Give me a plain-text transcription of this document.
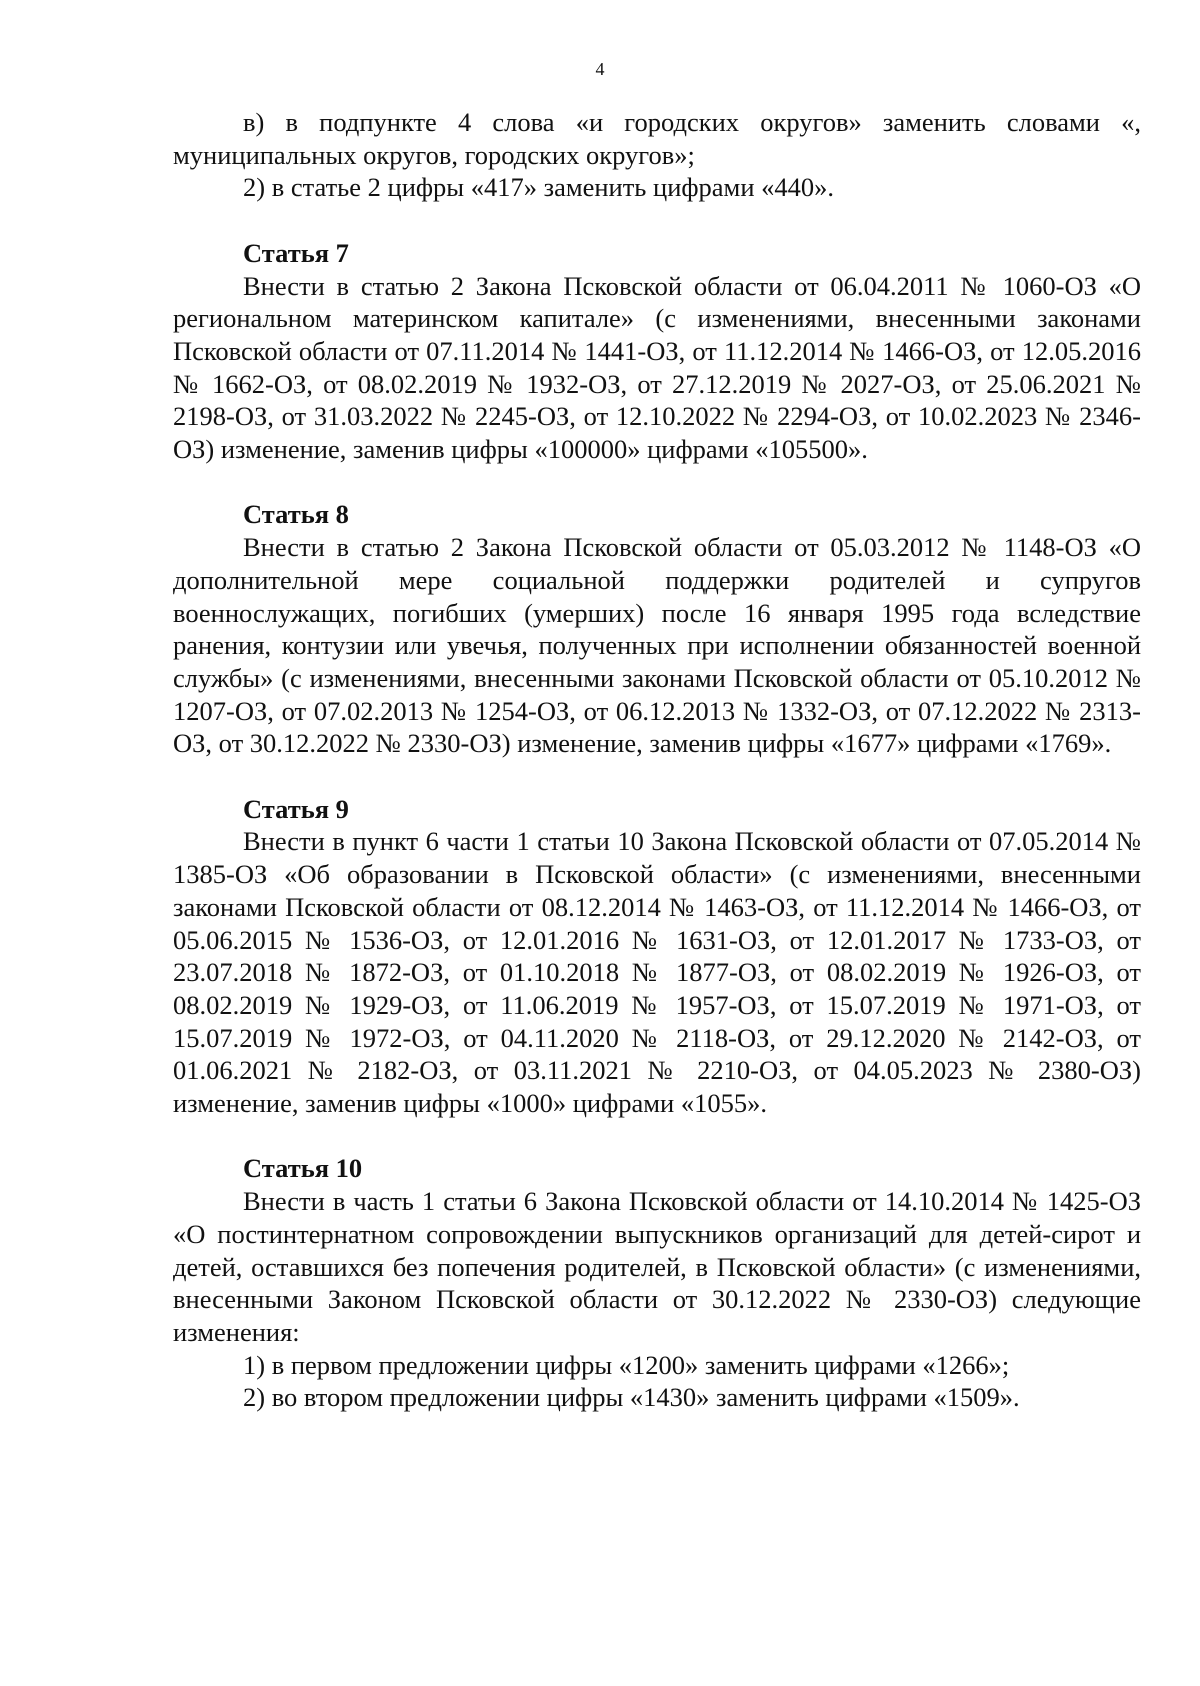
4

в) в подпункте 4 слова «и городских округов» заменить словами «, муниципальных округов, городских округов»;

2) в статье 2 цифры «417» заменить цифрами «440».

Статья 7

Внести в статью 2 Закона Псковской области от 06.04.2011 № 1060-ОЗ «О региональном материнском капитале» (с изменениями, внесенными законами Псковской области от 07.11.2014 № 1441-ОЗ, от 11.12.2014 № 1466-ОЗ, от 12.05.2016 № 1662-ОЗ, от 08.02.2019 № 1932-ОЗ, от 27.12.2019 № 2027-ОЗ, от 25.06.2021 № 2198-ОЗ, от 31.03.2022 № 2245-ОЗ, от 12.10.2022 № 2294-ОЗ, от 10.02.2023 № 2346-ОЗ) изменение, заменив цифры «100000» цифрами «105500».

Статья 8

Внести в статью 2 Закона Псковской области от 05.03.2012 № 1148-ОЗ «О дополнительной мере социальной поддержки родителей и супругов военнослужащих, погибших (умерших) после 16 января 1995 года вследствие ранения, контузии или увечья, полученных при исполнении обязанностей военной службы» (с изменениями, внесенными законами Псковской области от 05.10.2012 № 1207-ОЗ, от 07.02.2013 № 1254-ОЗ, от 06.12.2013 № 1332-ОЗ, от 07.12.2022 № 2313-ОЗ, от 30.12.2022 № 2330-ОЗ) изменение, заменив цифры «1677» цифрами «1769».

Статья 9

Внести в пункт 6 части 1 статьи 10 Закона Псковской области от 07.05.2014 № 1385-ОЗ «Об образовании в Псковской области» (с изменениями, внесенными законами Псковской области от 08.12.2014 № 1463-ОЗ, от 11.12.2014 № 1466-ОЗ, от 05.06.2015 № 1536-ОЗ, от 12.01.2016 № 1631-ОЗ, от 12.01.2017 № 1733-ОЗ, от 23.07.2018 № 1872-ОЗ, от 01.10.2018 № 1877-ОЗ, от 08.02.2019 № 1926-ОЗ, от 08.02.2019 № 1929-ОЗ, от 11.06.2019 № 1957-ОЗ, от 15.07.2019 № 1971-ОЗ, от 15.07.2019 № 1972-ОЗ, от 04.11.2020 № 2118-ОЗ, от 29.12.2020 № 2142-ОЗ, от 01.06.2021 № 2182-ОЗ, от 03.11.2021 № 2210-ОЗ, от 04.05.2023 № 2380-ОЗ) изменение, заменив цифры «1000» цифрами «1055».

Статья 10

Внести в часть 1 статьи 6 Закона Псковской области от 14.10.2014 № 1425-ОЗ «О постинтернатном сопровождении выпускников организаций для детей-сирот и детей, оставшихся без попечения родителей, в Псковской области» (с изменениями, внесенными Законом Псковской области от 30.12.2022 № 2330-ОЗ) следующие изменения:

1) в первом предложении цифры «1200» заменить цифрами «1266»;

2) во втором предложении цифры «1430» заменить цифрами «1509».
